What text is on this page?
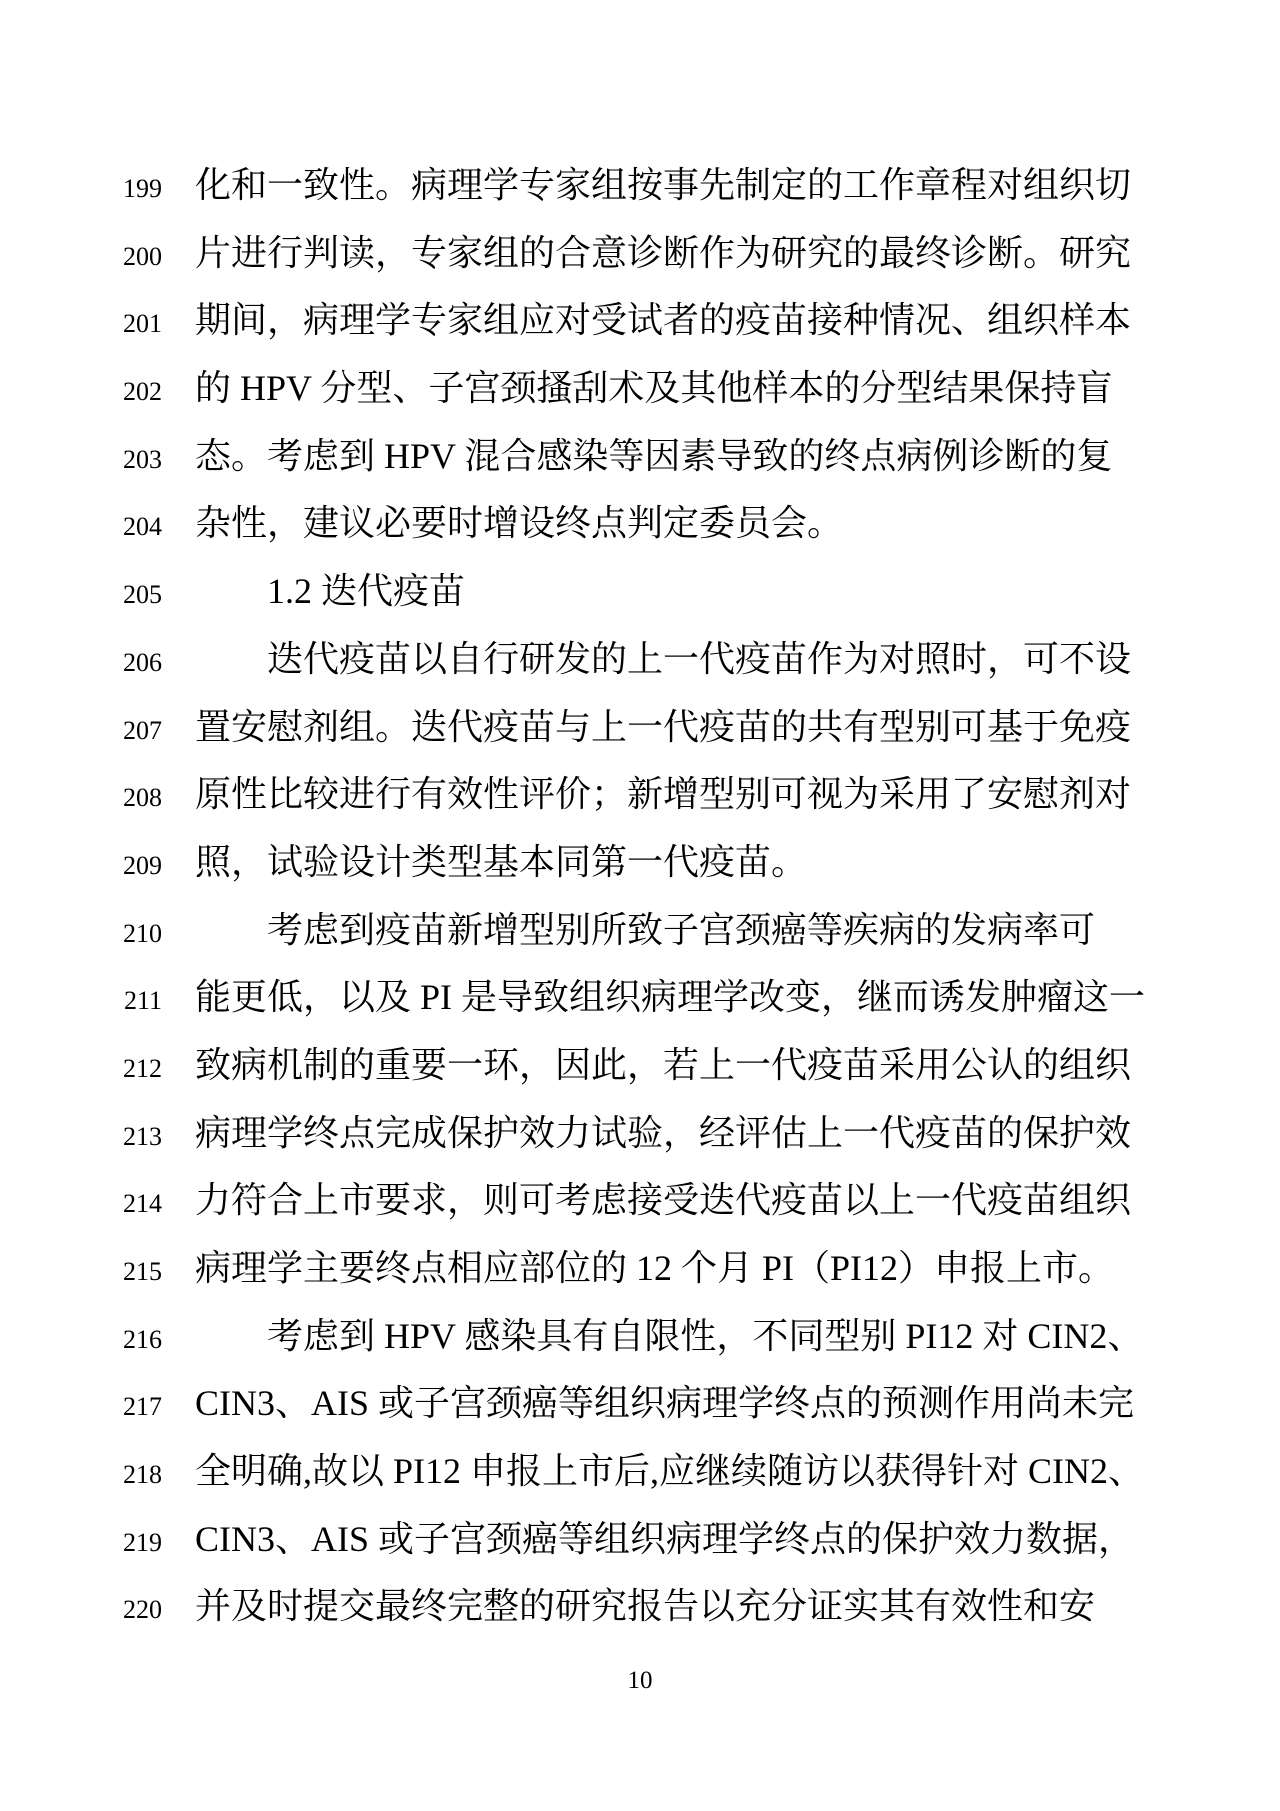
199 化和一致性。病理学专家组按事先制定的工作章程对组织切
200 片进行判读，专家组的合意诊断作为研究的最终诊断。研究
201 期间，病理学专家组应对受试者的疫苗接种情况、组织样本
202 的 HPV 分型、子宫颈搔刮术及其他样本的分型结果保持盲
203 态。考虑到 HPV 混合感染等因素导致的终点病例诊断的复
204 杂性，建议必要时增设终点判定委员会。
205	1.2 迭代疫苗
206	迭代疫苗以自行研发的上一代疫苗作为对照时，可不设
207 置安慰剂组。迭代疫苗与上一代疫苗的共有型别可基于免疫
208 原性比较进行有效性评价；新增型别可视为采用了安慰剂对
209 照，试验设计类型基本同第一代疫苗。
210	考虑到疫苗新增型别所致子宫颈癌等疾病的发病率可
211 能更低，以及 PI 是导致组织病理学改变，继而诱发肿瘤这一
212 致病机制的重要一环，因此，若上一代疫苗采用公认的组织
213 病理学终点完成保护效力试验，经评估上一代疫苗的保护效
214 力符合上市要求，则可考虑接受迭代疫苗以上一代疫苗组织
215 病理学主要终点相应部位的 12 个月 PI（PI12）申报上市。
216	考虑到 HPV 感染具有自限性，不同型别 PI12 对 CIN2、
217 CIN3、AIS 或子宫颈癌等组织病理学终点的预测作用尚未完
218 全明确,故以 PI12 申报上市后,应继续随访以获得针对 CIN2、
219 CIN3、AIS 或子宫颈癌等组织病理学终点的保护效力数据，
220 并及时提交最终完整的研究报告以充分证实其有效性和安
10
